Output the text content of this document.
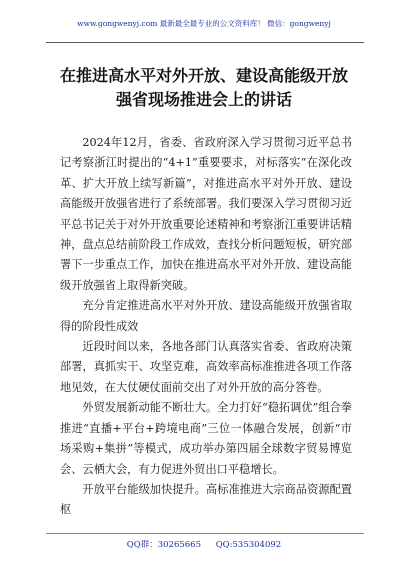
www.gongwenyj.com 最新最全最专业的公文资料库！ 微信：gongwenyj
在推进高水平对外开放、建设高能级开放
强省现场推进会上的讲话

2024年12月，省委、省政府深入学习贯彻习近平总书记考察浙江时提出的“4+1”重要要求，对标落实“在深化改革、扩大开放上续写新篇”，对推进高水平对外开放、建设高能级开放强省进行了系统部署。我们要深入学习贯彻习近平总书记关于对外开放重要论述精神和考察浙江重要讲话精神，盘点总结前阶段工作成效，查找分析问题短板，研究部署下一步重点工作，加快在推进高水平对外开放、建设高能级开放强省上取得新突破。

充分肯定推进高水平对外开放、建设高能级开放强省取得的阶段性成效

近段时间以来，各地各部门认真落实省委、省政府决策部署，真抓实干、攻坚克难，高效率高标准推进各项工作落地见效，在大仗硬仗面前交出了对外开放的高分答卷。

外贸发展新动能不断壮大。全力打好“稳拓调优”组合拳推进“直播+平台+跨境电商”三位一体融合发展，创新“市场采购+集拼”等模式，成功举办第四届全球数字贸易博览会、云栖大会，有力促进外贸出口平稳增长。

开放平台能级加快提升。高标准推进大宗商品资源配置枢

QQ群：30265665 QQ:535304092
